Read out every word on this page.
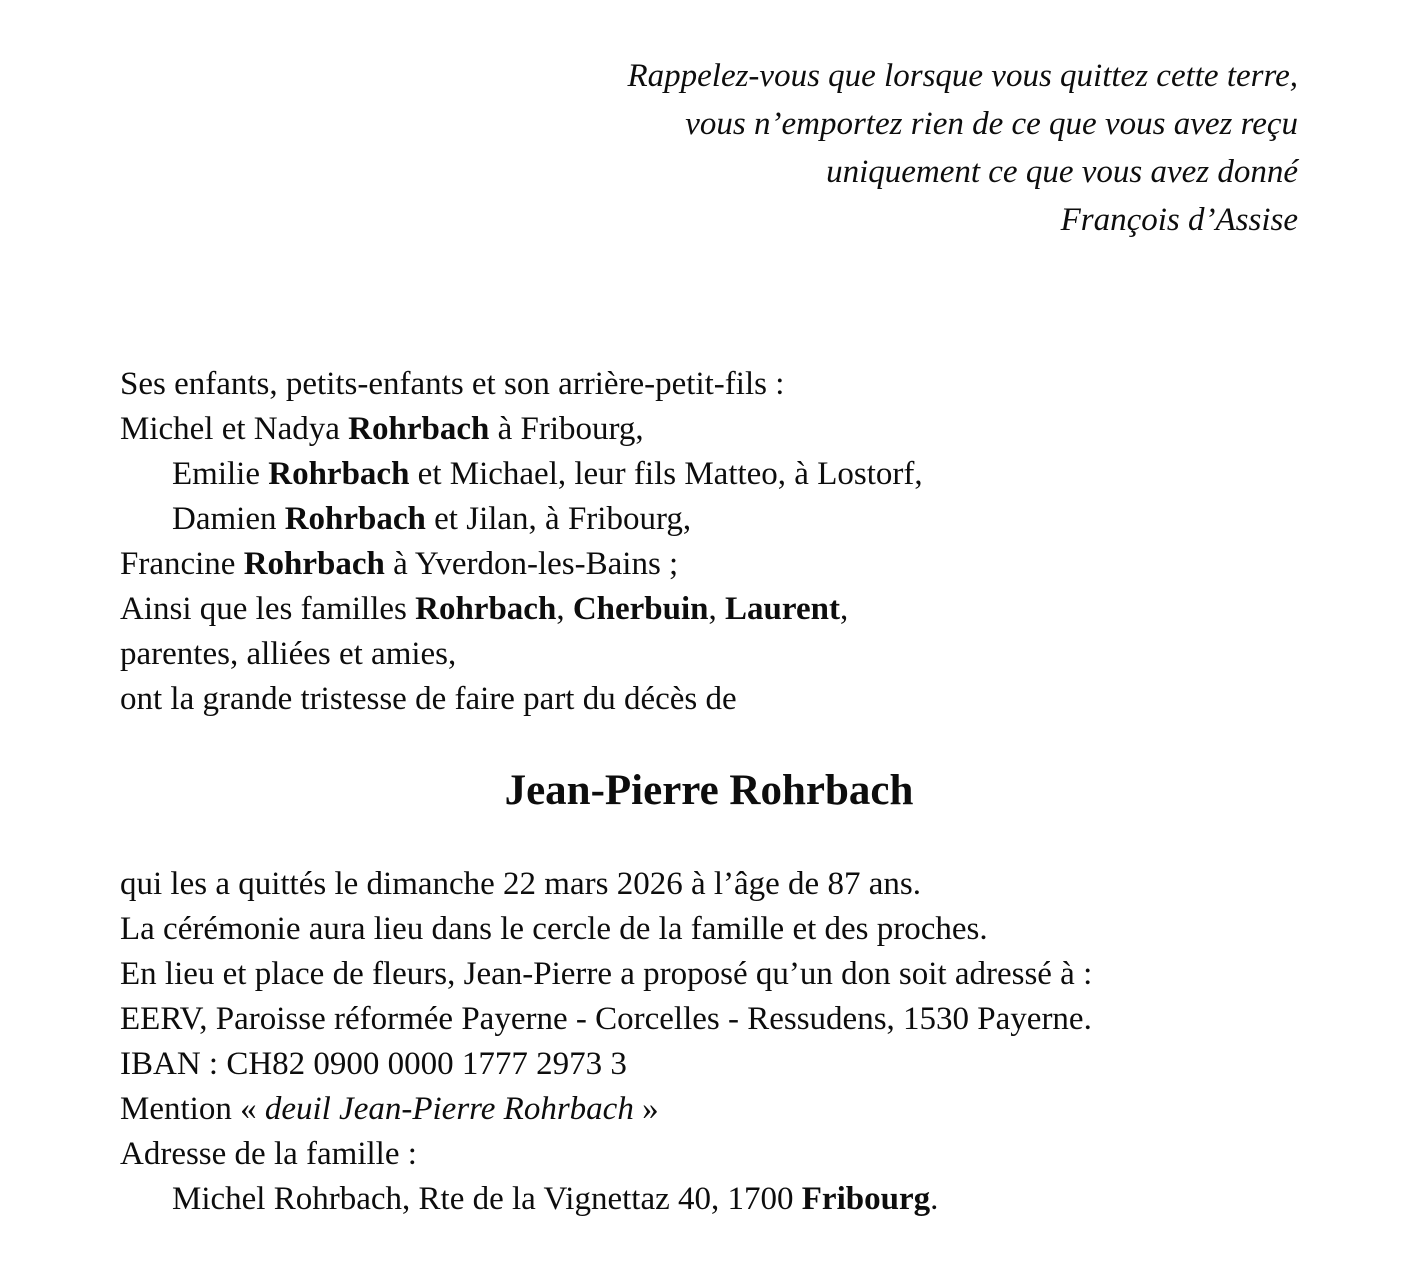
Rappelez-vous que lorsque vous quittez cette terre,
vous n’emportez rien de ce que vous avez reçu
uniquement ce que vous avez donné
François d’Assise
Ses enfants, petits-enfants et son arrière-petit-fils :
Michel et Nadya Rohrbach à Fribourg,
Emilie Rohrbach et Michael, leur fils Matteo, à Lostorf,
Damien Rohrbach et Jilan, à Fribourg,
Francine Rohrbach à Yverdon-les-Bains ;
Ainsi que les familles Rohrbach, Cherbuin, Laurent,
parentes, alliées et amies,
ont la grande tristesse de faire part du décès de
Jean-Pierre Rohrbach
qui les a quittés le dimanche 22 mars 2026 à l’âge de 87 ans.
La cérémonie aura lieu dans le cercle de la famille et des proches.
En lieu et place de fleurs, Jean-Pierre a proposé qu’un don soit adressé à :
EERV, Paroisse réformée Payerne - Corcelles - Ressudens, 1530 Payerne.
IBAN : CH82 0900 0000 1777 2973 3
Mention « deuil Jean-Pierre Rohrbach »
Adresse de la famille :
Michel Rohrbach, Rte de la Vignettaz 40, 1700 Fribourg.
